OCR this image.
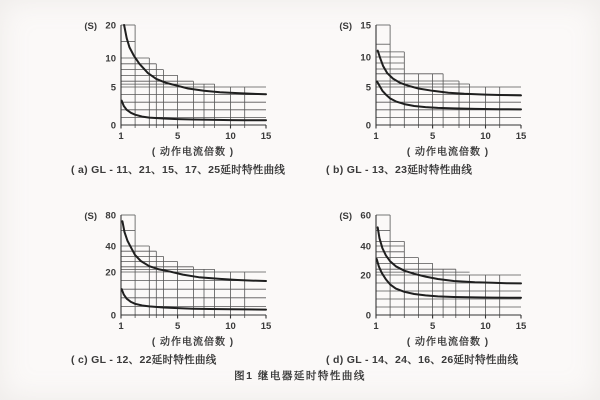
0
5
10
20
1	5	10	15
(S)
( 动作电流倍数 )
( a) GL - 11、21、15、17、25延时特性曲线
0
5
10
15
1	5	10	15
(S)
( 动作电流倍数 )
( b) GL - 13、23延时特性曲线
0
20
40
80
1	5	10	15
(S)
( 动作电流倍数 )
( c) GL - 12、22延时特性曲线
0
20
40
60
1	5	10	15
(S)
( 动作电流倍数 )
( d) GL - 14、24、16、26延时特性曲线
图1 继电器延时特性曲线
